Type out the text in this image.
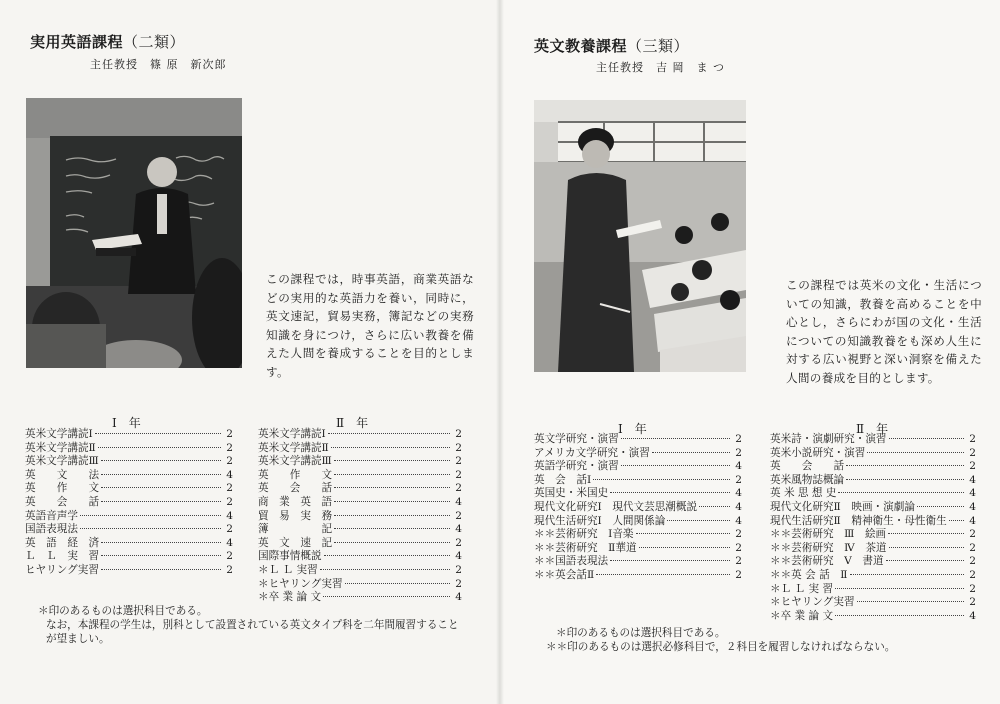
実用英語課程（二類）
主任教授　篠 原　新次郎
この課程では，時事英語，商業英語などの実用的な英語力を養い，同時に，英文速記，貿易実務，簿記などの実務知識を身につけ，さらに広い教養を備えた人間を養成することを目的とします。
Ⅰ　年
英米文学講読Ⅰ	2
英米文学講読Ⅱ	2
英米文学講読Ⅲ	2
英　　文　　法	4
英　　作　　文	2
英　　会　　話	2
英語音声学	4
国語表現法	2
英　語　経　済	4
Ｌ　Ｌ　実　習	2
ヒヤリング実習	2
Ⅱ　年
英米文学講読Ⅰ	2
英米文学講読Ⅱ	2
英米文学講読Ⅲ	2
英　　作　　文	2
英　　会　　話	2
商　業　英　語	4
貿　易　実　務	2
簿　　　　　記	4
英　文　速　記	2
国際事情概説	4
＊Ｌ Ｌ 実習	2
＊ヒヤリング実習	2
＊卒 業 論 文	4
＊印のあるものは選択科目である。
なお，本課程の学生は，別科として設置されている英文タイプ科を二年間履習すること
が望ましい。
英文教養課程（三類）
主任教授　吉 岡　ま つ
この課程では英米の文化・生活についての知識，教養を高めることを中心とし，さらにわが国の文化・生活についての知識教養をも深め人生に対する広い視野と深い洞察を備えた人間の養成を目的とします。
Ⅰ　年
英文学研究・演習	2
アメリカ文学研究・演習	2
英語学研究・演習	4
英　会　話Ⅰ	2
英国史・米国史	4
現代文化研究Ⅰ　現代文芸思潮概説	4
現代生活研究Ⅰ　人間関係論	4
＊＊芸術研究　Ⅰ音楽	2
＊＊芸術研究　Ⅱ華道	2
＊＊国語表現法	2
＊＊英会話Ⅱ	2
Ⅱ　年
英米詩・演劇研究・演習	2
英米小説研究・演習	2
英　　会　　話	2
英米風物誌概論	4
英 米 思 想 史	4
現代文化研究Ⅱ　映画・演劇論	4
現代生活研究Ⅱ　精神衛生・母性衛生	4
＊＊芸術研究　Ⅲ　絵画	2
＊＊芸術研究　Ⅳ　茶道	2
＊＊芸術研究　Ⅴ　書道	2
＊＊英 会 話　Ⅱ	2
＊Ｌ Ｌ 実 習	2
＊ヒヤリング実習	2
＊卒 業 論 文	4
＊印のあるものは選択科目である。
＊＊印のあるものは選択必修科目で，２科目を履習しなければならない。
